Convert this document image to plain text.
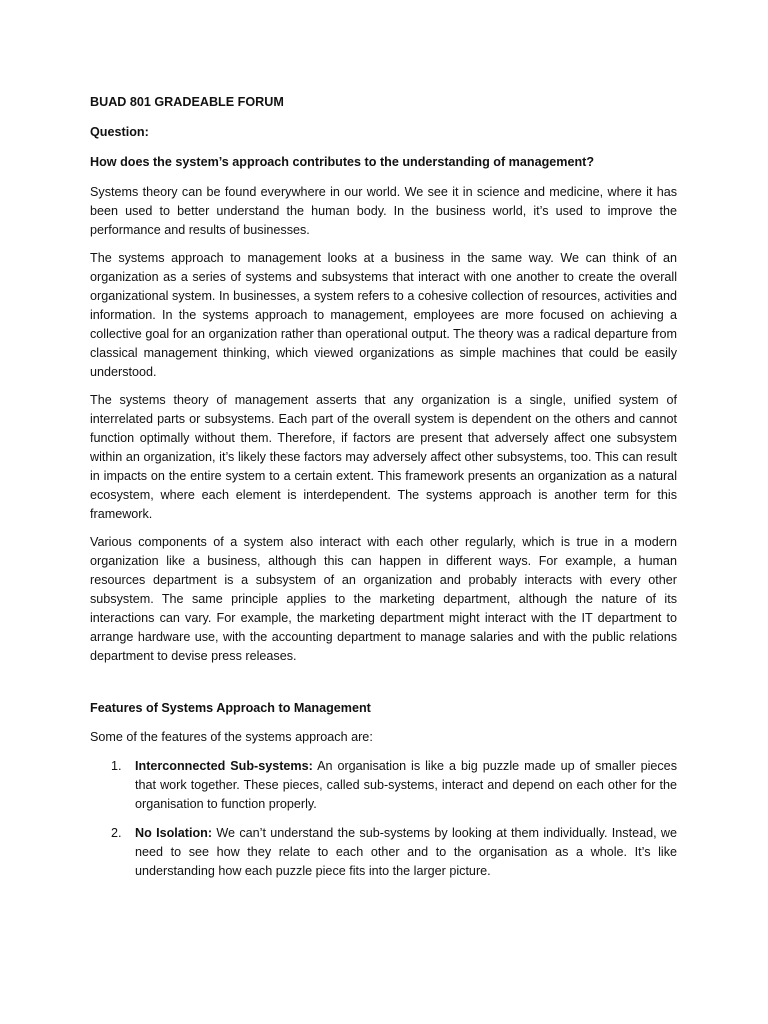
BUAD 801 GRADEABLE FORUM

Question:

How does the system’s approach contributes to the understanding of management?

Systems theory can be found everywhere in our world. We see it in science and medicine, where it has been used to better understand the human body. In the business world, it’s used to improve the performance and results of businesses.

The systems approach to management looks at a business in the same way. We can think of an organization as a series of systems and subsystems that interact with one another to create the overall organizational system. In businesses, a system refers to a cohesive collection of resources, activities and information. In the systems approach to management, employees are more focused on achieving a collective goal for an organization rather than operational output. The theory was a radical departure from classical management thinking, which viewed organizations as simple machines that could be easily understood.

The systems theory of management asserts that any organization is a single, unified system of interrelated parts or subsystems. Each part of the overall system is dependent on the others and cannot function optimally without them. Therefore, if factors are present that adversely affect one subsystem within an organization, it’s likely these factors may adversely affect other subsystems, too. This can result in impacts on the entire system to a certain extent. This framework presents an organization as a natural ecosystem, where each element is interdependent. The systems approach is another term for this framework.

Various components of a system also interact with each other regularly, which is true in a modern organization like a business, although this can happen in different ways. For example, a human resources department is a subsystem of an organization and probably interacts with every other subsystem. The same principle applies to the marketing department, although the nature of its interactions can vary. For example, the marketing department might interact with the IT department to arrange hardware use, with the accounting department to manage salaries and with the public relations department to devise press releases.

Features of Systems Approach to Management

Some of the features of the systems approach are:

1. Interconnected Sub-systems: An organisation is like a big puzzle made up of smaller pieces that work together. These pieces, called sub-systems, interact and depend on each other for the organisation to function properly.

2. No Isolation: We can’t understand the sub-systems by looking at them individually. Instead, we need to see how they relate to each other and to the organisation as a whole. It’s like understanding how each puzzle piece fits into the larger picture.
